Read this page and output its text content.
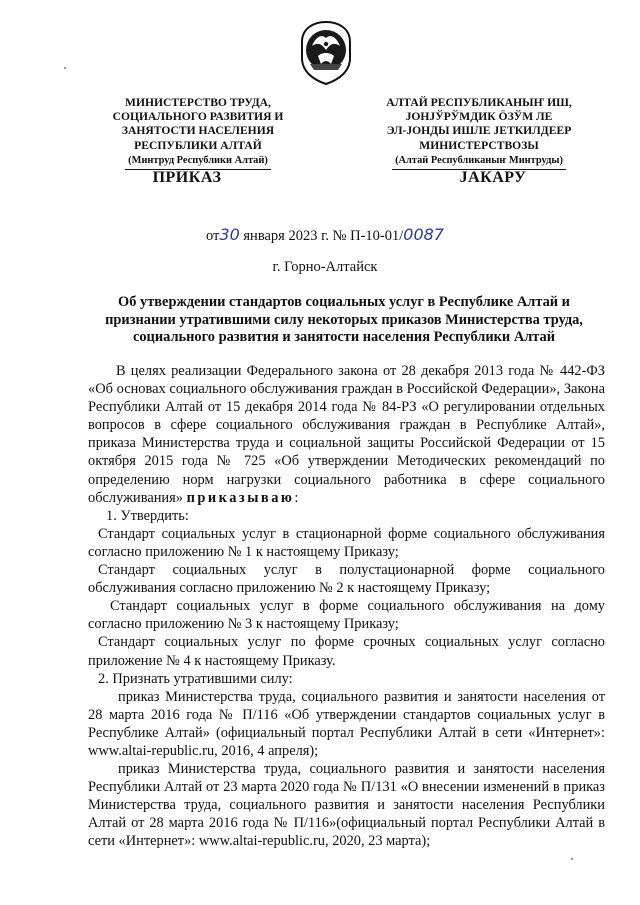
МИНИСТЕРСТВО ТРУДА,
СОЦИАЛЬНОГО РАЗВИТИЯ И
ЗАНЯТОСТИ НАСЕЛЕНИЯ
РЕСПУБЛИКИ АЛТАЙ
(Минтруд Республики Алтай)
АЛТАЙ РЕСПУБЛИКАНЫҤ ИШ,
ЈОНЈЎРЎМДИК ÖЗЎМ ЛЕ
ЭЛ-ЈОНДЫ ИШЛЕ ЈЕТКИЛДЕЕР
МИНИСТЕРСТВОЗЫ
(Алтай Республиканыҥ Минтруды)
ПРИКАЗ	ЈАКАРУ
от30 января 2023 г. № П-10-01/0087
г. Горно-Алтайск
Об утверждении стандартов социальных услуг в Республике Алтай и признании утратившими силу некоторых приказов Министерства труда, социального развития и занятости населения Республики Алтай

В целях реализации Федерального закона от 28 декабря 2013 года № 442-ФЗ «Об основах социального обслуживания граждан в Российской Федерации», Закона Республики Алтай от 15 декабря 2014 года № 84-РЗ «О регулировании отдельных вопросов в сфере социального обслуживания граждан в Республике Алтай», приказа Министерства труда и социальной защиты Российской Федерации от 15 октября 2015 года № 725 «Об утверждении Методических рекомендаций по определению норм нагрузки социального работника в сфере социального обслуживания» приказываю:

1. Утвердить:

Стандарт социальных услуг в стационарной форме социального обслуживания согласно приложению № 1 к настоящему Приказу;

Стандарт социальных услуг в полустационарной форме социального обслуживания согласно приложению № 2 к настоящему Приказу;

Стандарт социальных услуг в форме социального обслуживания на дому согласно приложению № 3 к настоящему Приказу;

Стандарт социальных услуг по форме срочных социальных услуг согласно приложение № 4 к настоящему Приказу.

2. Признать утратившими силу:

приказ Министерства труда, социального развития и занятости населения от 28 марта 2016 года № П/116 «Об утверждении стандартов социальных услуг в Республике Алтай» (официальный портал Республики Алтай в сети «Интернет»: www.altai-republic.ru, 2016, 4 апреля);

приказ Министерства труда, социального развития и занятости населения Республики Алтай от 23 марта 2020 года № П/131 «О внесении изменений в приказ Министерства труда, социального развития и занятости населения Республики Алтай от 28 марта 2016 года № П/116»(официальный портал Республики Алтай в сети «Интернет»: www.altai-republic.ru, 2020, 23 марта);
